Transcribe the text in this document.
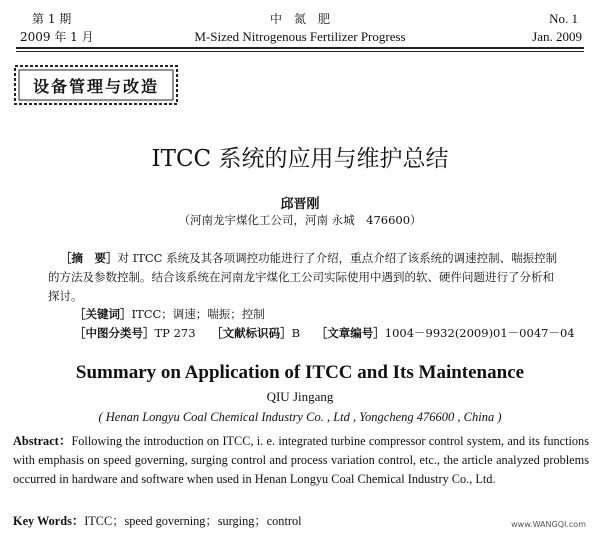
第 1 期
2009 年 1 月
中　氮　肥
M-Sized Nitrogenous Fertilizer Progress
No. 1
Jan. 2009
设备管理与改造
ITCC 系统的应用与维护总结
邱晋刚
（河南龙宇煤化工公司，河南 永城　476600）
［摘　要］对 ITCC 系统及其各项调控功能进行了介绍，重点介绍了该系统的调速控制、喘振控制的方法及参数控制。结合该系统在河南龙宇煤化工公司实际使用中遇到的软、硬件问题进行了分析和探讨。
［关键词］ITCC；调速；喘振；控制
［中图分类号］TP 273 ［文献标识码］B ［文章编号］1004－9932(2009)01－0047－04
Summary on Application of ITCC and Its Maintenance
QIU Jingang
( Henan Longyu Coal Chemical Industry Co. , Ltd , Yongcheng 476600 , China )
Abstract：Following the introduction on ITCC, i. e. integrated turbine compressor control system, and its functions with emphasis on speed governing, surging control and process variation control, etc., the article analyzed problems occurred in hardware and software when used in Henan Longyu Coal Chemical Industry Co., Ltd.
Key Words：ITCC；speed governing；surging；control	www.WANGQI.com
